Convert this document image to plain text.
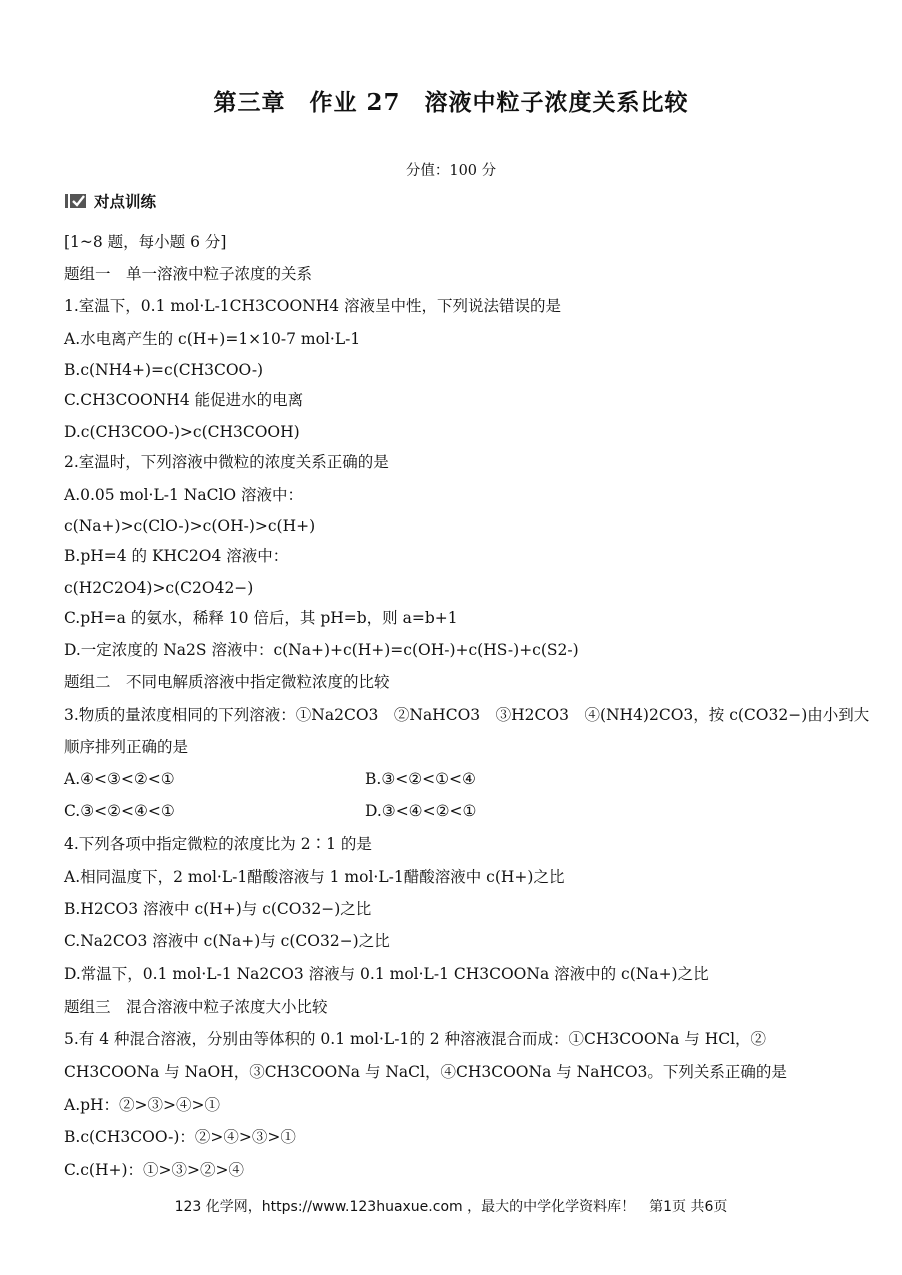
第三章　作业 27　溶液中粒子浓度关系比较
分值：100 分
对点训练
[1~8 题，每小题 6 分]
题组一　单一溶液中粒子浓度的关系
1.室温下，0.1 mol·L-1CH3COONH4 溶液呈中性，下列说法错误的是
A.水电离产生的 c(H+)=1×10-7 mol·L-1
B.c(NH4+)=c(CH3COO-)
C.CH3COONH4 能促进水的电离
D.c(CH3COO-)>c(CH3COOH)
2.室温时，下列溶液中微粒的浓度关系正确的是
A.0.05 mol·L-1 NaClO 溶液中：
c(Na+)>c(ClO-)>c(OH-)>c(H+)
B.pH=4 的 KHC2O4 溶液中：
c(H2C2O4)>c(C2O42−)
C.pH=a 的氨水，稀释 10 倍后，其 pH=b，则 a=b+1
D.一定浓度的 Na2S 溶液中：c(Na+)+c(H+)=c(OH-)+c(HS-)+c(S2-)
题组二　不同电解质溶液中指定微粒浓度的比较
3.物质的量浓度相同的下列溶液：①Na2CO3　②NaHCO3　③H2CO3　④(NH4)2CO3，按 c(CO32−)由小到大
顺序排列正确的是
A.④<③<②<①	B.③<②<①<④
C.③<②<④<①	D.③<④<②<①
4.下列各项中指定微粒的浓度比为 2∶1 的是
A.相同温度下，2 mol·L-1醋酸溶液与 1 mol·L-1醋酸溶液中 c(H+)之比
B.H2CO3 溶液中 c(H+)与 c(CO32−)之比
C.Na2CO3 溶液中 c(Na+)与 c(CO32−)之比
D.常温下，0.1 mol·L-1 Na2CO3 溶液与 0.1 mol·L-1 CH3COONa 溶液中的 c(Na+)之比
题组三　混合溶液中粒子浓度大小比较
5.有 4 种混合溶液，分别由等体积的 0.1 mol·L-1的 2 种溶液混合而成：①CH3COONa 与 HCl，②
CH3COONa 与 NaOH，③CH3COONa 与 NaCl，④CH3COONa 与 NaHCO3。下列关系正确的是
A.pH：②>③>④>①
B.c(CH3COO-)：②>④>③>①
C.c(H+)：①>③>②>④
123 化学网，https://www.123huaxue.com ，最大的中学化学资料库！　第1页 共6页
